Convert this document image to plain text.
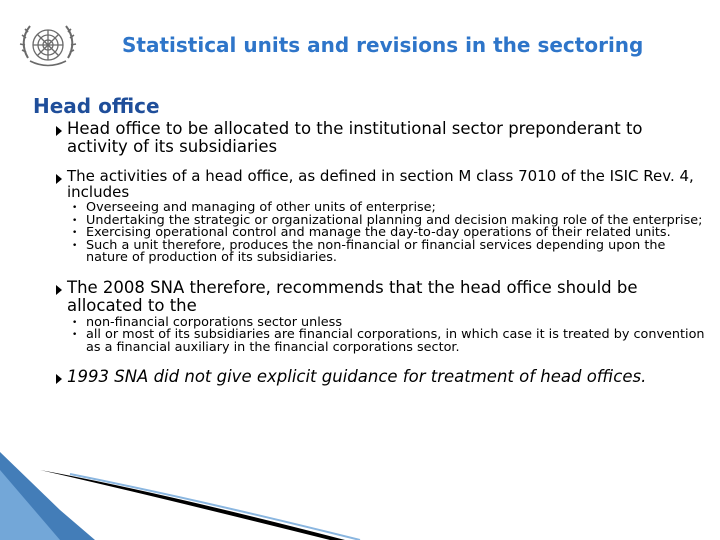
Statistical units and revisions in the sectoring
Head office
Head office to be allocated to the institutional sector preponderant to activity of its subsidiaries
The activities of a head office, as defined in section M class 7010 of the ISIC Rev. 4, includes
• Overseeing and managing of other units of enterprise;
• Undertaking the strategic or organizational planning and decision making role of the enterprise;
• Exercising operational control and manage the day-to-day operations of their related units.
• Such a unit therefore, produces the non-financial or financial services depending upon the nature of production of its subsidiaries.
The 2008 SNA therefore, recommends that the head office should be allocated to the
• non-financial corporations sector unless
• all or most of its subsidiaries are financial corporations, in which case it is treated by convention as a financial auxiliary in the financial corporations sector.
1993 SNA did not give explicit guidance for treatment of head offices.
